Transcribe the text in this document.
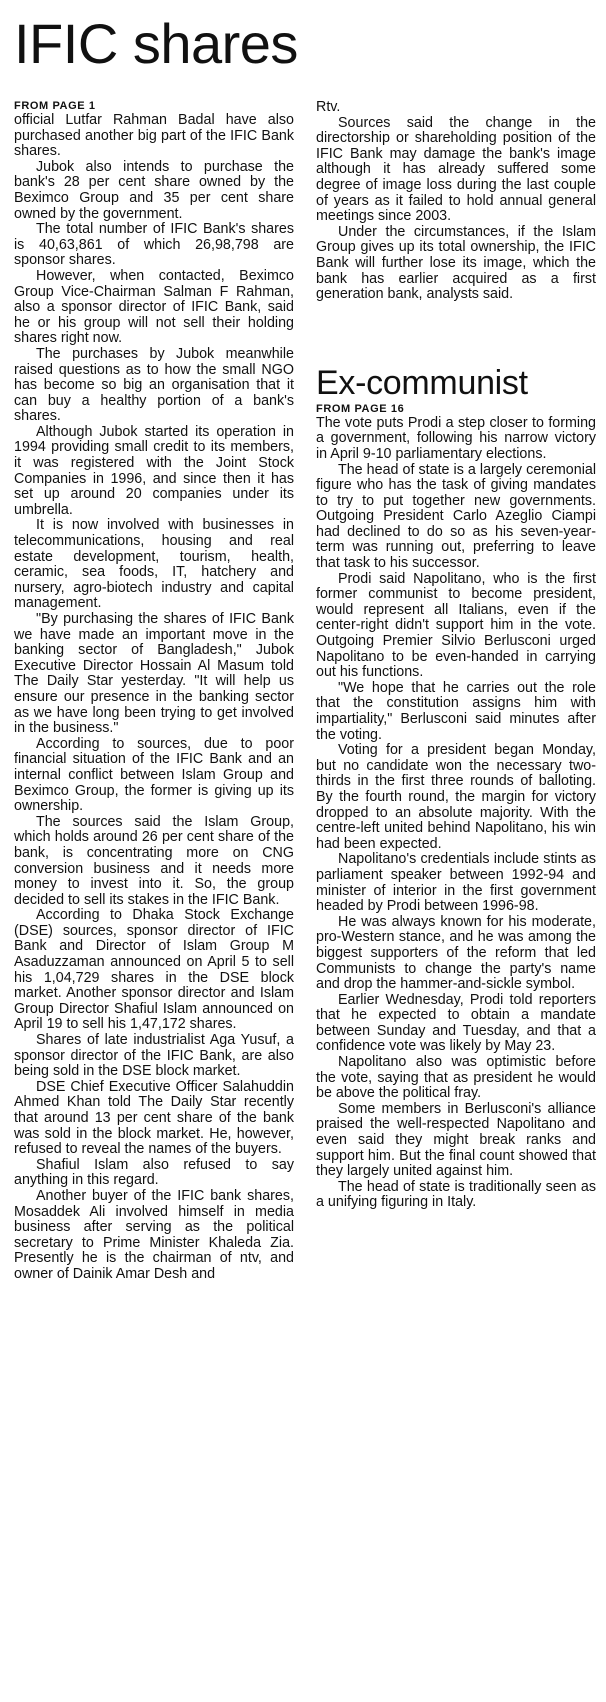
IFIC shares
FROM PAGE 1

official Lutfar Rahman Badal have also purchased another big part of the IFIC Bank shares.

Jubok also intends to purchase the bank's 28 per cent share owned by the Beximco Group and 35 per cent share owned by the government.

The total number of IFIC Bank's shares is 40,63,861 of which 26,98,798 are sponsor shares.

However, when contacted, Beximco Group Vice-Chairman Salman F Rahman, also a sponsor director of IFIC Bank, said he or his group will not sell their holding shares right now.

The purchases by Jubok meanwhile raised questions as to how the small NGO has become so big an organisation that it can buy a healthy portion of a bank's shares.

Although Jubok started its operation in 1994 providing small credit to its members, it was registered with the Joint Stock Companies in 1996, and since then it has set up around 20 companies under its umbrella.

It is now involved with businesses in telecommunications, housing and real estate development, tourism, health, ceramic, sea foods, IT, hatchery and nursery, agro-biotech industry and capital management.

"By purchasing the shares of IFIC Bank we have made an important move in the banking sector of Bangladesh," Jubok Executive Director Hossain Al Masum told The Daily Star yesterday. "It will help us ensure our presence in the banking sector as we have long been trying to get involved in the business."

According to sources, due to poor financial situation of the IFIC Bank and an internal conflict between Islam Group and Beximco Group, the former is giving up its ownership.

The sources said the Islam Group, which holds around 26 per cent share of the bank, is concentrating more on CNG conversion business and it needs more money to invest into it. So, the group decided to sell its stakes in the IFIC Bank.

According to Dhaka Stock Exchange (DSE) sources, sponsor director of IFIC Bank and Director of Islam Group M Asaduzzaman announced on April 5 to sell his 1,04,729 shares in the DSE block market. Another sponsor director and Islam Group Director Shafiul Islam announced on April 19 to sell his 1,47,172 shares.

Shares of late industrialist Aga Yusuf, a sponsor director of the IFIC Bank, are also being sold in the DSE block market.

DSE Chief Executive Officer Salahuddin Ahmed Khan told The Daily Star recently that around 13 per cent share of the bank was sold in the block market. He, however, refused to reveal the names of the buyers.

Shafiul Islam also refused to say anything in this regard.

Another buyer of the IFIC bank shares, Mosaddek Ali involved himself in media business after serving as the political secretary to Prime Minister Khaleda Zia. Presently he is the chairman of ntv, and owner of Dainik Amar Desh and

Rtv.

Sources said the change in the directorship or shareholding position of the IFIC Bank may damage the bank's image although it has already suffered some degree of image loss during the last couple of years as it failed to hold annual general meetings since 2003.

Under the circumstances, if the Islam Group gives up its total ownership, the IFIC Bank will further lose its image, which the bank has earlier acquired as a first generation bank, analysts said.

Ex-communist
FROM PAGE 16

The vote puts Prodi a step closer to forming a government, following his narrow victory in April 9-10 parliamentary elections.

The head of state is a largely ceremonial figure who has the task of giving mandates to try to put together new governments. Outgoing President Carlo Azeglio Ciampi had declined to do so as his seven-year-term was running out, preferring to leave that task to his successor.

Prodi said Napolitano, who is the first former communist to become president, would represent all Italians, even if the center-right didn't support him in the vote. Outgoing Premier Silvio Berlusconi urged Napolitano to be even-handed in carrying out his functions.

"We hope that he carries out the role that the constitution assigns him with impartiality," Berlusconi said minutes after the voting.

Voting for a president began Monday, but no candidate won the necessary two-thirds in the first three rounds of balloting. By the fourth round, the margin for victory dropped to an absolute majority. With the centre-left united behind Napolitano, his win had been expected.

Napolitano's credentials include stints as parliament speaker between 1992-94 and minister of interior in the first government headed by Prodi between 1996-98.

He was always known for his moderate, pro-Western stance, and he was among the biggest supporters of the reform that led Communists to change the party's name and drop the hammer-and-sickle symbol.

Earlier Wednesday, Prodi told reporters that he expected to obtain a mandate between Sunday and Tuesday, and that a confidence vote was likely by May 23.

Napolitano also was optimistic before the vote, saying that as president he would be above the political fray.

Some members in Berlusconi's alliance praised the well-respected Napolitano and even said they might break ranks and support him. But the final count showed that they largely united against him.

The head of state is traditionally seen as a unifying figuring in Italy.
